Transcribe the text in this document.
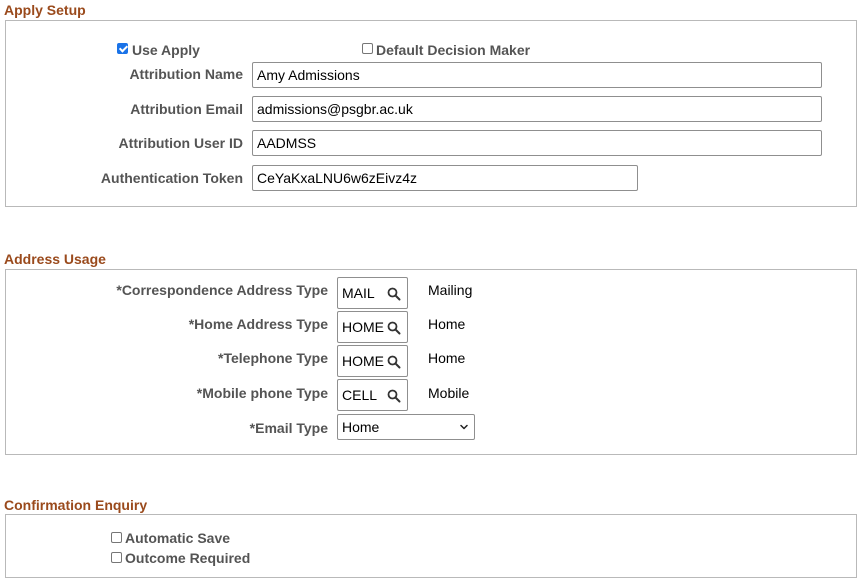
Apply Setup
Use Apply	Default Decision Maker
Attribution Name
Amy Admissions
Attribution Email
admissions@psgbr.ac.uk
Attribution User ID
AADMSS
Authentication Token
CeYaKxaLNU6w6zEivz4z
Address Usage
*Correspondence Address Type MAIL	Mailing
*Home Address Type HOME	Home
*Telephone Type HOME	Home
*Mobile phone Type CELL	Mobile
*Email Type Home
Confirmation Enquiry
Automatic Save
Outcome Required
